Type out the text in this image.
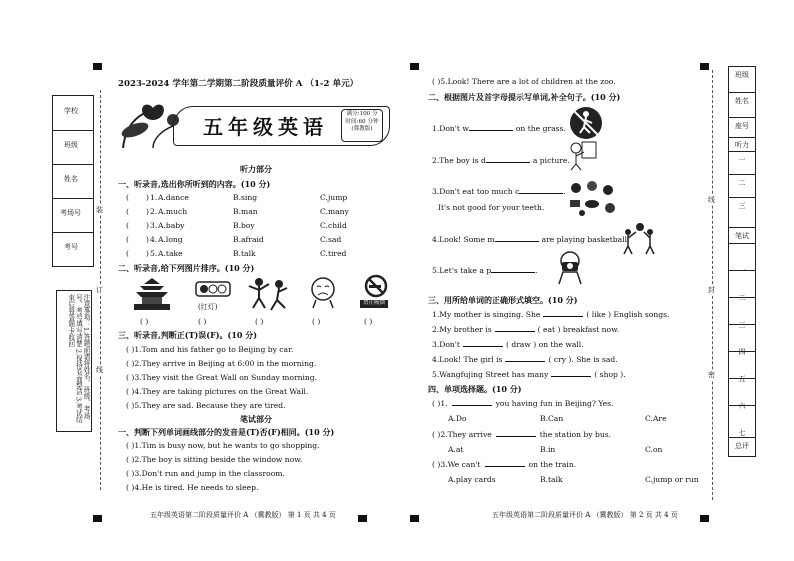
学校
班级
姓名
考场号
考号
装
订
线
注意事项：1.答题前请将姓名、班级、考场号、考号填写清楚 2.保持卷面整洁 3.考试结束后将答题卡收回
2023-2024 学年第二学期第二阶段质量评价 A （1-2 单元）
五年级英语
满分:100 分
时间:60 分钟
(冀教版)
听力部分
一、听录音,选出你所听到的内容。(10 分)
( ) 1. A.dance	B.sing	C.jump
( ) 2. A.much	B.man	C.many
( ) 3. A.baby	B.boy	C.child
( ) 4. A.long	B.afraid	C.sad
( ) 5. A.take	B.talk	C.tired
二、听录音,给下列图片排序。(10 分)
(红灯)	禁止吸烟
( )	( )	( )	( )	( )
三、听录音,判断正(T)误(F)。(10 分)
( )1.Tom and his father go to Beijing by car.
( )2.They arrive in Beijing at 6:00 in the morning.
( )3.They visit the Great Wall on Sunday morning.
( )4.They are taking pictures on the Great Wall.
( )5.They are sad. Because they are tired.
笔试部分
一、判断下列单词画线部分的发音是(T)否(F)相同。(10 分)
( )1.Tim is busy now, but he wants to go shopping.
( )2.The boy is sitting beside the window now.
( )3.Don't run and jump in the classroom.
( )4.He is tired. He needs to sleep.
五年级英语第二阶段质量评价 A （冀教版） 第 1 页 共 4 页
( )5.Look! There are a lot of children at the zoo.
二、根据图片及首字母提示写单词,补全句子。(10 分)
1.Don't w	on the grass.
2.The boy is d	a picture.
3.Don't eat too much c	.
It's not good for your teeth.
4.Look! Some m	are playing basketball.
5.Let's take a p	.
三、用所给单词的正确形式填空。(10 分)
1.My mother is singing. She	( like ) English songs.
2.My brother is	( eat ) breakfast now.
3.Don't	( draw ) on the wall.
4.Look! The girl is	( cry ). She is sad.
5.Wangfujing Street has many	( shop ).
四、单项选择题。(10 分)
( )1.	you having fun in Beijing? Yes.
A.Do	B.Can	C.Are
( )2.They arrive	the station by bus.
A.at	B.in	C.on
( )3.We can't	on the train.
A.play cards	B.talk	C.jump or run
五年级英语第二阶段质量评价 A （冀教版） 第 2 页 共 4 页
线
封
密
班级
姓名
座号
听力
一
二
三
笔试
一
二
三
四
五
六
七
总评
